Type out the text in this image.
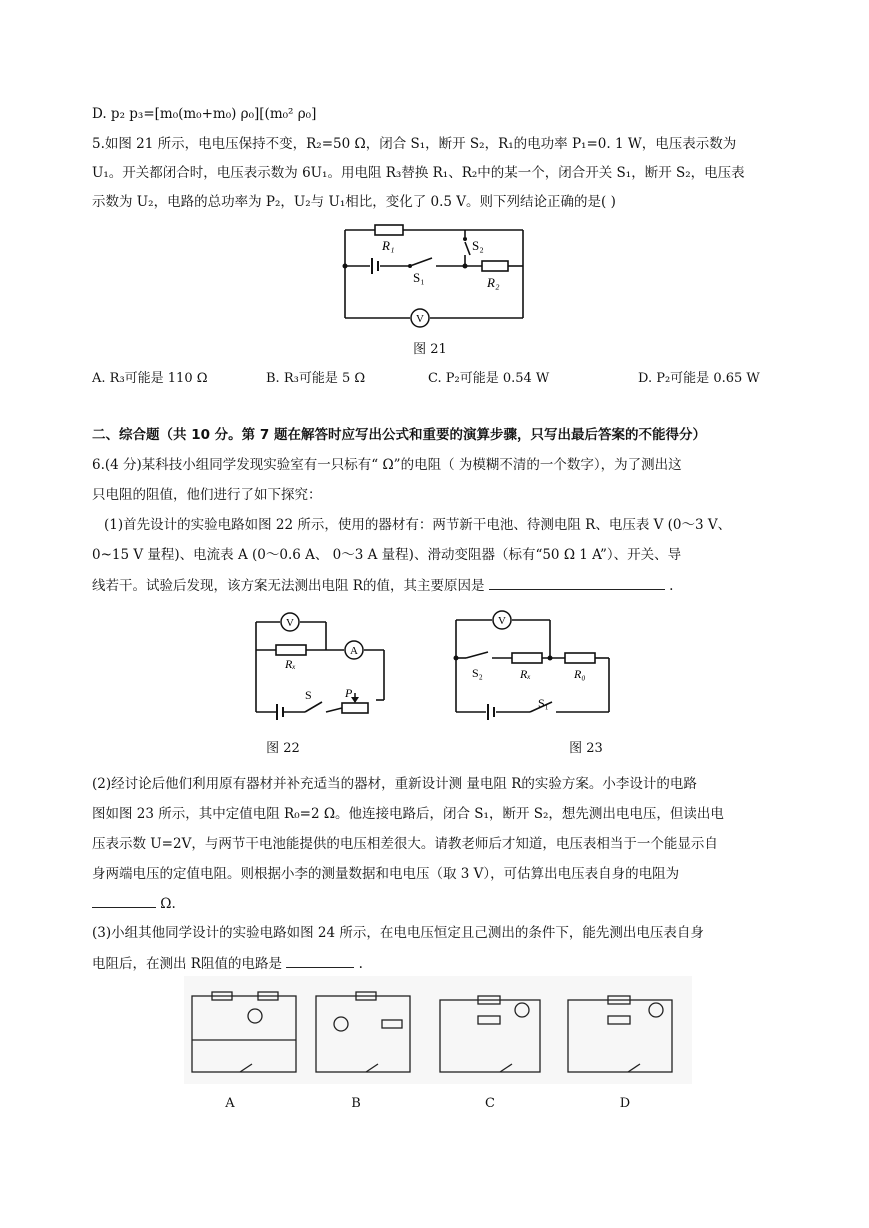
D. p₂ p₃=[m₀(m₀+m₀) ρ₀][(m₀² ρ₀]
5.如图 21 所示，电电压保持不变，R₂=50 Ω，闭合 S₁，断开 S₂，R₁的电功率 P₁=0. 1 W，电压表示数为
U₁。开关都闭合时，电压表示数为 6U₁。用电阻 R₃替换 R₁、R₂中的某一个，闭合开关 S₁，断开 S₂，电压表
示数为 U₂，电路的总功率为 P₂，U₂与 U₁相比，变化了 0.5 V。则下列结论正确的是( )
V
R₁	S₂
S₁	R₂
图 21
A. R₃可能是 110 Ω	B. R₃可能是 5 Ω	C. P₂可能是 0.54 W	D. P₂可能是 0.65 W
二、综合题（共 10 分。第 7 题在解答时应写出公式和重要的演算步骤，只写出最后答案的不能得分）
6.(4 分)某科技小组同学发现实验室有一只标有“ Ω”的电阻（ 为模糊不清的一个数字），为了测出这
只电阻的阻值，他们进行了如下探究：
(1)首先设计的实验电路如图 22 所示，使用的器材有：两节新干电池、待测电阻 R、电压表 V (0～3 V、
0~15 V 量程)、电流表 A (0～0.6 A、 0～3 A 量程)、滑动变阻器（标有“50 Ω 1 A”）、开关、导
线若干。试验后发现，该方案无法测出电阻 R的值，其主要原因是	.
V
A
Rₓ
S	P
V
S₂	Rₓ	R₀
S₁
图 22	图 23
(2)经讨论后他们利用原有器材并补充适当的器材，重新设计测 量电阻 R的实验方案。小李设计的电路
图如图 23 所示，其中定值电阻 R₀=2 Ω。他连接电路后，闭合 S₁，断开 S₂，想先测出电电压，但读出电
压表示数 U=2V，与两节干电池能提供的电压相差很大。请教老师后才知道，电压表相当于一个能显示自
身两端电压的定值电阻。则根据小李的测量数据和电电压（取 3 V），可估算出电压表自身的电阻为
Ω.
(3)小组其他同学设计的实验电路如图 24 所示，在电电压恒定且己测出的条件下，能先测出电压表自身
电阻后，在测出 R阻值的电路是	.
A	B	C	D
